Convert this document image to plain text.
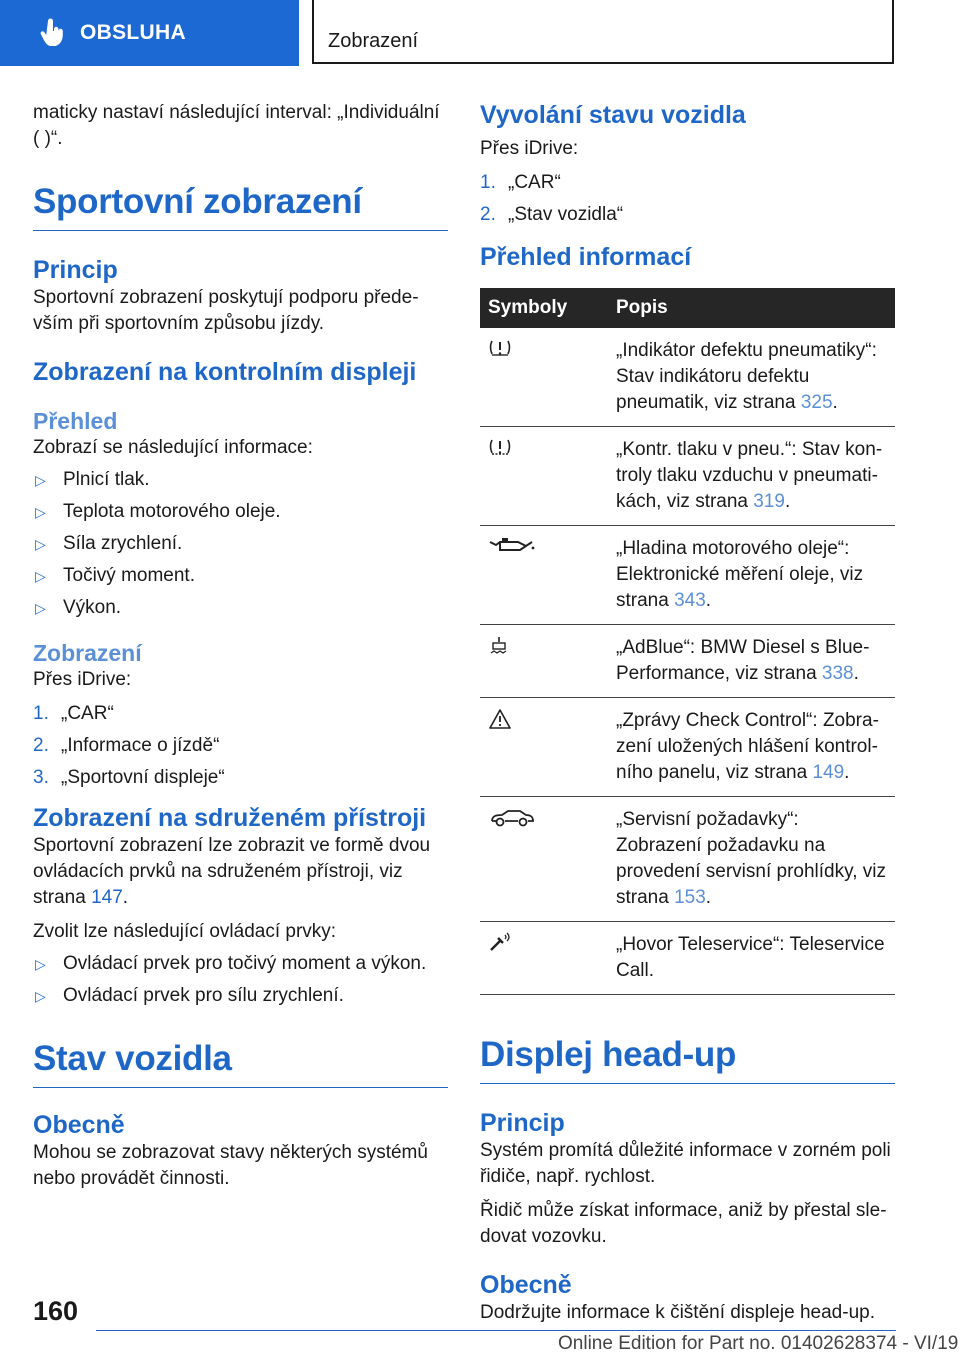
OBSLUHA	Zobrazení

maticky nastaví následující interval: „Individuální ( )“.

Sportovní zobrazení
Princip

Sportovní zobrazení poskytují podporu především při sportovním způsobu jízdy.

Zobrazení na kontrolním displeji
Přehled

Zobrazí se následující informace:

▷ Plnicí tlak.
▷ Teplota motorového oleje.
▷ Síla zrychlení.
▷ Točivý moment.
▷ Výkon.
Zobrazení

Přes iDrive:

1. „CAR“
2. „Informace o jízdě“
3. „Sportovní displeje“
Zobrazení na sdruženém přístroji

Sportovní zobrazení lze zobrazit ve formě dvou ovládacích prvků na sdruženém přístroji, viz strana 147.

Zvolit lze následující ovládací prvky:

▷ Ovládací prvek pro točivý moment a výkon.
▷ Ovládací prvek pro sílu zrychlení.
Stav vozidla
Obecně

Mohou se zobrazovat stavy některých systémů nebo provádět činnosti.

Vyvolání stavu vozidla

Přes iDrive:

1. „CAR“
2. „Stav vozidla“
Přehled informací
Symboly	Popis

	„Indikátor defektu pneumatiky“: Stav indikátoru defektu pneumatik, viz strana 325.

	„Kontr. tlaku v pneu.“: Stav kontroly tlaku vzduchu v pneumatikách, viz strana 319.

	„Hladina motorového oleje“: Elektronické měření oleje, viz strana 343.

	„AdBlue“: BMW Diesel s BluePerformance, viz strana 338.

	„Zprávy Check Control“: Zobrazení uložených hlášení kontrolního panelu, viz strana 149.

	„Servisní požadavky“: Zobrazení požadavku na provedení servisní prohlídky, viz strana 153.

	„Hovor Teleservice“: Teleservice Call.
Displej head-up
Princip

Systém promítá důležité informace v zorném poli řidiče, např. rychlost.

Řidič může získat informace, aniž by přestal sledovat vozovku.

Obecně

Dodržujte informace k čištění displeje head-up.

160
Online Edition for Part no. 01402628374 - VI/19
